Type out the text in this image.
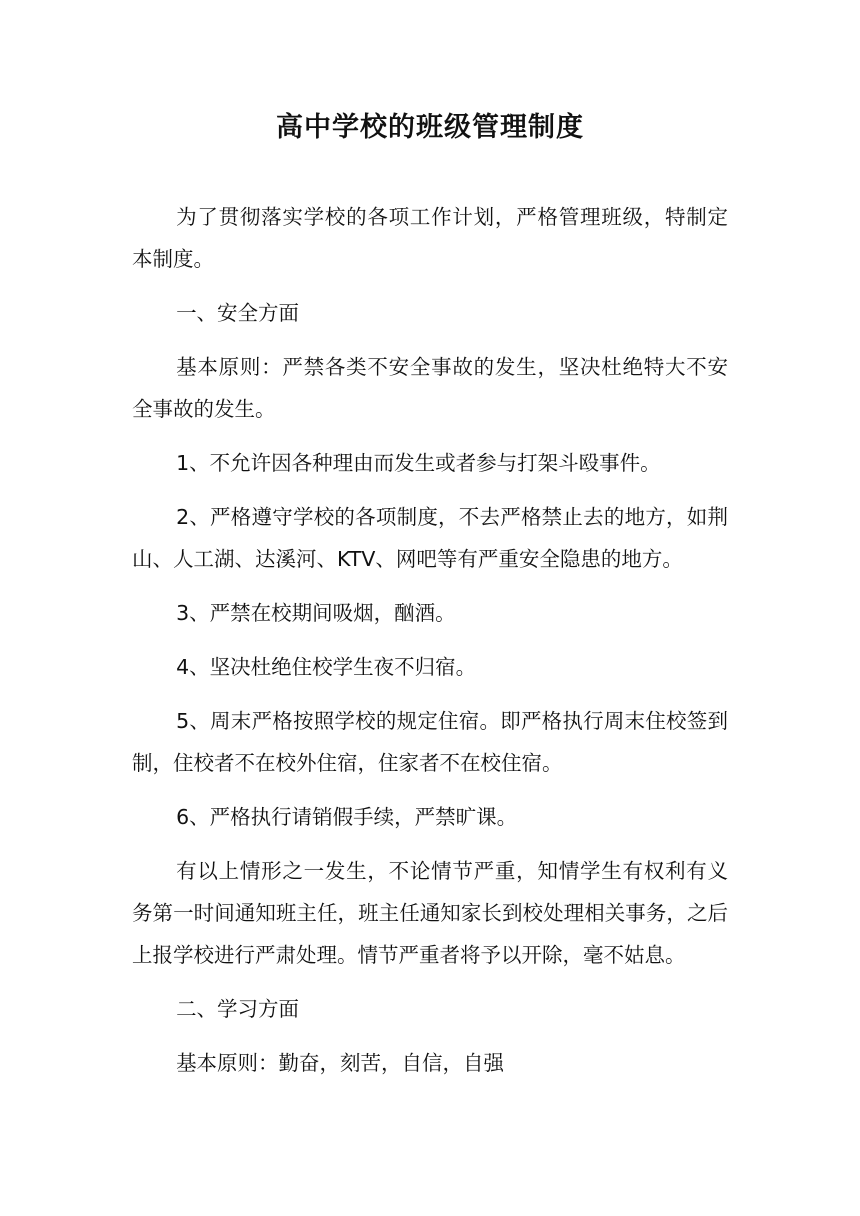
高中学校的班级管理制度

为了贯彻落实学校的各项工作计划，严格管理班级，特制定本制度。

一、安全方面

基本原则：严禁各类不安全事故的发生，坚决杜绝特大不安全事故的发生。

1、不允许因各种理由而发生或者参与打架斗殴事件。

2、严格遵守学校的各项制度，不去严格禁止去的地方，如荆山、人工湖、达溪河、KTV、网吧等有严重安全隐患的地方。

3、严禁在校期间吸烟，酗酒。

4、坚决杜绝住校学生夜不归宿。

5、周末严格按照学校的规定住宿。即严格执行周末住校签到制，住校者不在校外住宿，住家者不在校住宿。

6、严格执行请销假手续，严禁旷课。

有以上情形之一发生，不论情节严重，知情学生有权利有义务第一时间通知班主任，班主任通知家长到校处理相关事务，之后上报学校进行严肃处理。情节严重者将予以开除，毫不姑息。

二、学习方面

基本原则：勤奋，刻苦，自信，自强
